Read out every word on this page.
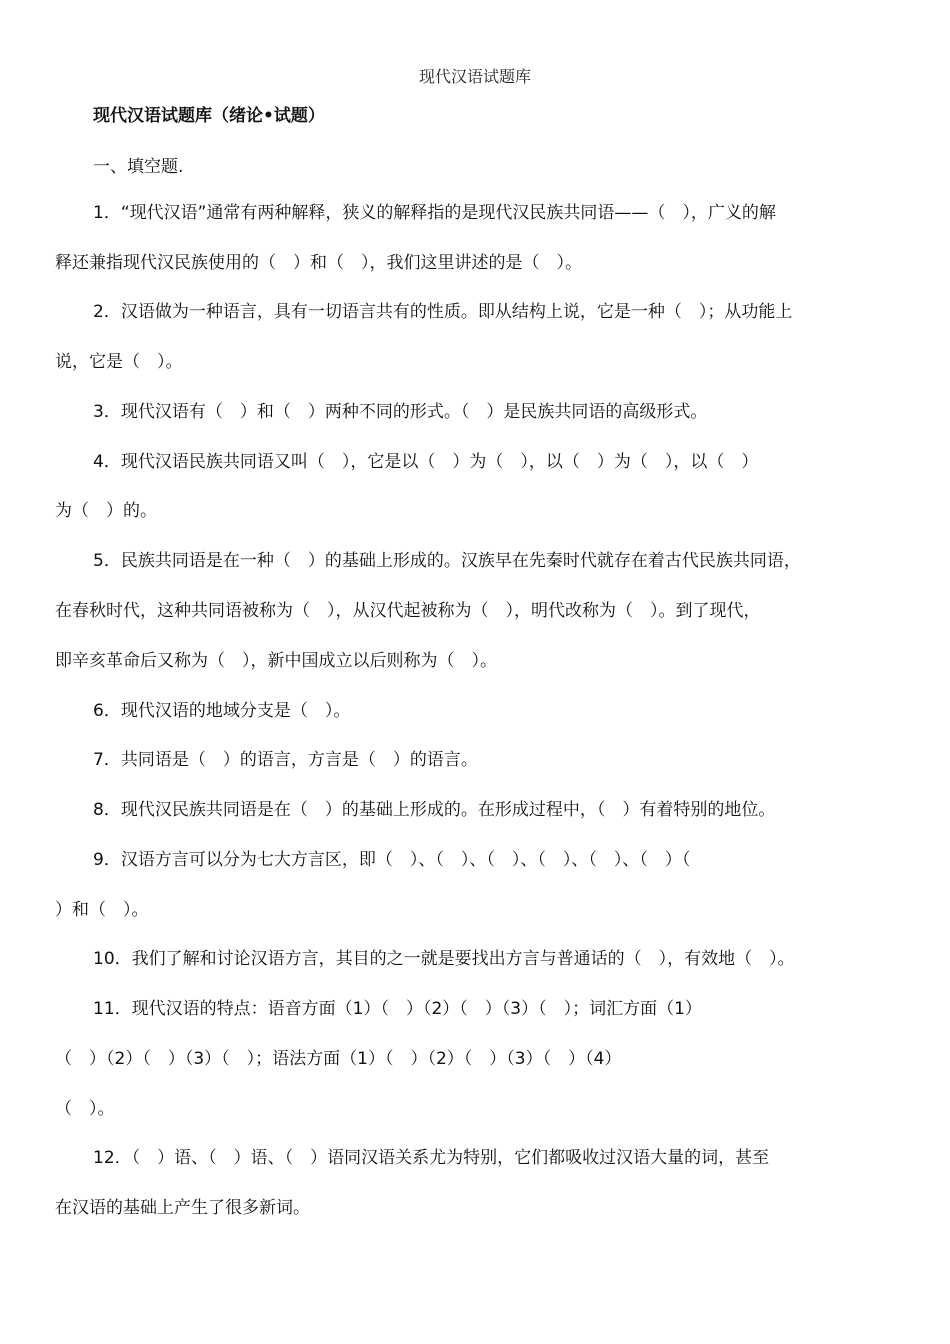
现代汉语试题库
现代汉语试题库（绪论•试题）
一、填空题.
1．“现代汉语”通常有两种解释，狭义的解释指的是现代汉民族共同语——（　），广义的解
释还兼指现代汉民族使用的（　）和（　），我们这里讲述的是（　）。
2．汉语做为一种语言，具有一切语言共有的性质。即从结构上说，它是一种（　）；从功能上
说，它是（　）。
3．现代汉语有（　）和（　）两种不同的形式。（　）是民族共同语的高级形式。
4．现代汉语民族共同语又叫（　），它是以（　）为（　），以（　）为（　），以（　）
为（　）的。
5．民族共同语是在一种（　）的基础上形成的。汉族早在先秦时代就存在着古代民族共同语，
在春秋时代，这种共同语被称为（　），从汉代起被称为（　），明代改称为（　）。到了现代，
即辛亥革命后又称为（　），新中国成立以后则称为（　）。
6．现代汉语的地域分支是（　）。
7．共同语是（　）的语言，方言是（　）的语言。
8．现代汉民族共同语是在（　）的基础上形成的。在形成过程中，（　）有着特别的地位。
9．汉语方言可以分为七大方言区，即（　）、（　）、（　）、（　）、（　）、（　）（
）和（　）。
10．我们了解和讨论汉语方言，其目的之一就是要找出方言与普通话的（　），有效地（　）。
11．现代汉语的特点：语音方面（1）（　）（2）（　）（3）（　）；词汇方面（1）
（　）（2）（　）（3）（　）；语法方面（1）（　）（2）（　）（3）（　）（4）
（　）。
12．（　）语、（　）语、（　）语同汉语关系尤为特别，它们都吸收过汉语大量的词，甚至
在汉语的基础上产生了很多新词。
